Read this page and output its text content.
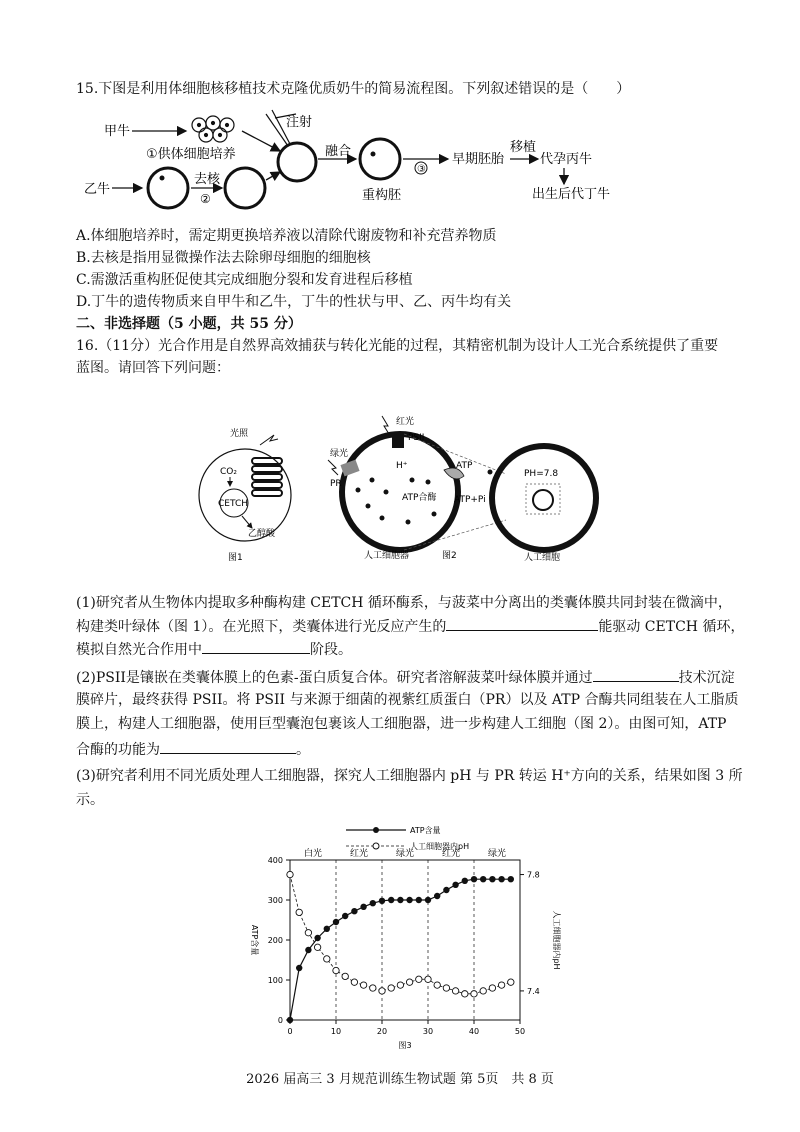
15.下图是利用体细胞核移植技术克隆优质奶牛的简易流程图。下列叙述错误的是（　　）
甲牛
①供体细胞培养
注射
融合
重构胚
③
早期胚胎
移植
代孕丙牛
出生后代丁牛
乙牛
去核
②
A.体细胞培养时，需定期更换培养液以清除代谢废物和补充营养物质
B.去核是指用显微操作法去除卵母细胞的细胞核
C.需激活重构胚促使其完成细胞分裂和发育进程后移植
D.丁牛的遗传物质来自甲牛和乙牛，丁牛的性状与甲、乙、丙牛均有关
二、非选择题（5 小题，共 55 分）
16.（11分）光合作用是自然界高效捕获与转化光能的过程，其精密机制为设计人工光合系统提供了重要
蓝图。请回答下列问题：
光照
CO₂
CETCH
乙醇酸
图1
PSII
红光
H⁺
绿光
PR
ATP
ATP合酶 ATP+Pi
人工细胞器	图2
PH=7.8
人工细胞
(1)研究者从生物体内提取多种酶构建 CETCH 循环酶系，与菠菜中分离出的类囊体膜共同封装在微滴中，
构建类叶绿体（图 1）。在光照下，类囊体进行光反应产生的	能驱动 CETCH 循环，
模拟自然光合作用中	阶段。
(2)PSII是镶嵌在类囊体膜上的色素-蛋白质复合体。研究者溶解菠菜叶绿体膜并通过	技术沉淀
膜碎片，最终获得 PSII。将 PSII 与来源于细菌的视紫红质蛋白（PR）以及 ATP 合酶共同组装在人工脂质
膜上，构建人工细胞器，使用巨型囊泡包裹该人工细胞器，进一步构建人工细胞（图 2）。由图可知，ATP
合酶的功能为	。
(3)研究者利用不同光质处理人工细胞器，探究人工细胞器内 pH 与 PR 转运 H⁺方向的关系，结果如图 3 所
示。
ATP含量
人工细胞器内pH
白光	红光	绿光	红光	绿光
0	10	20	30	40	50
0
100
200
300
400
7.4
7.8
ATP含量	人工细胞器内pH
图3
2026 届高三 3 月规范训练生物试题 第 5页　共 8 页
